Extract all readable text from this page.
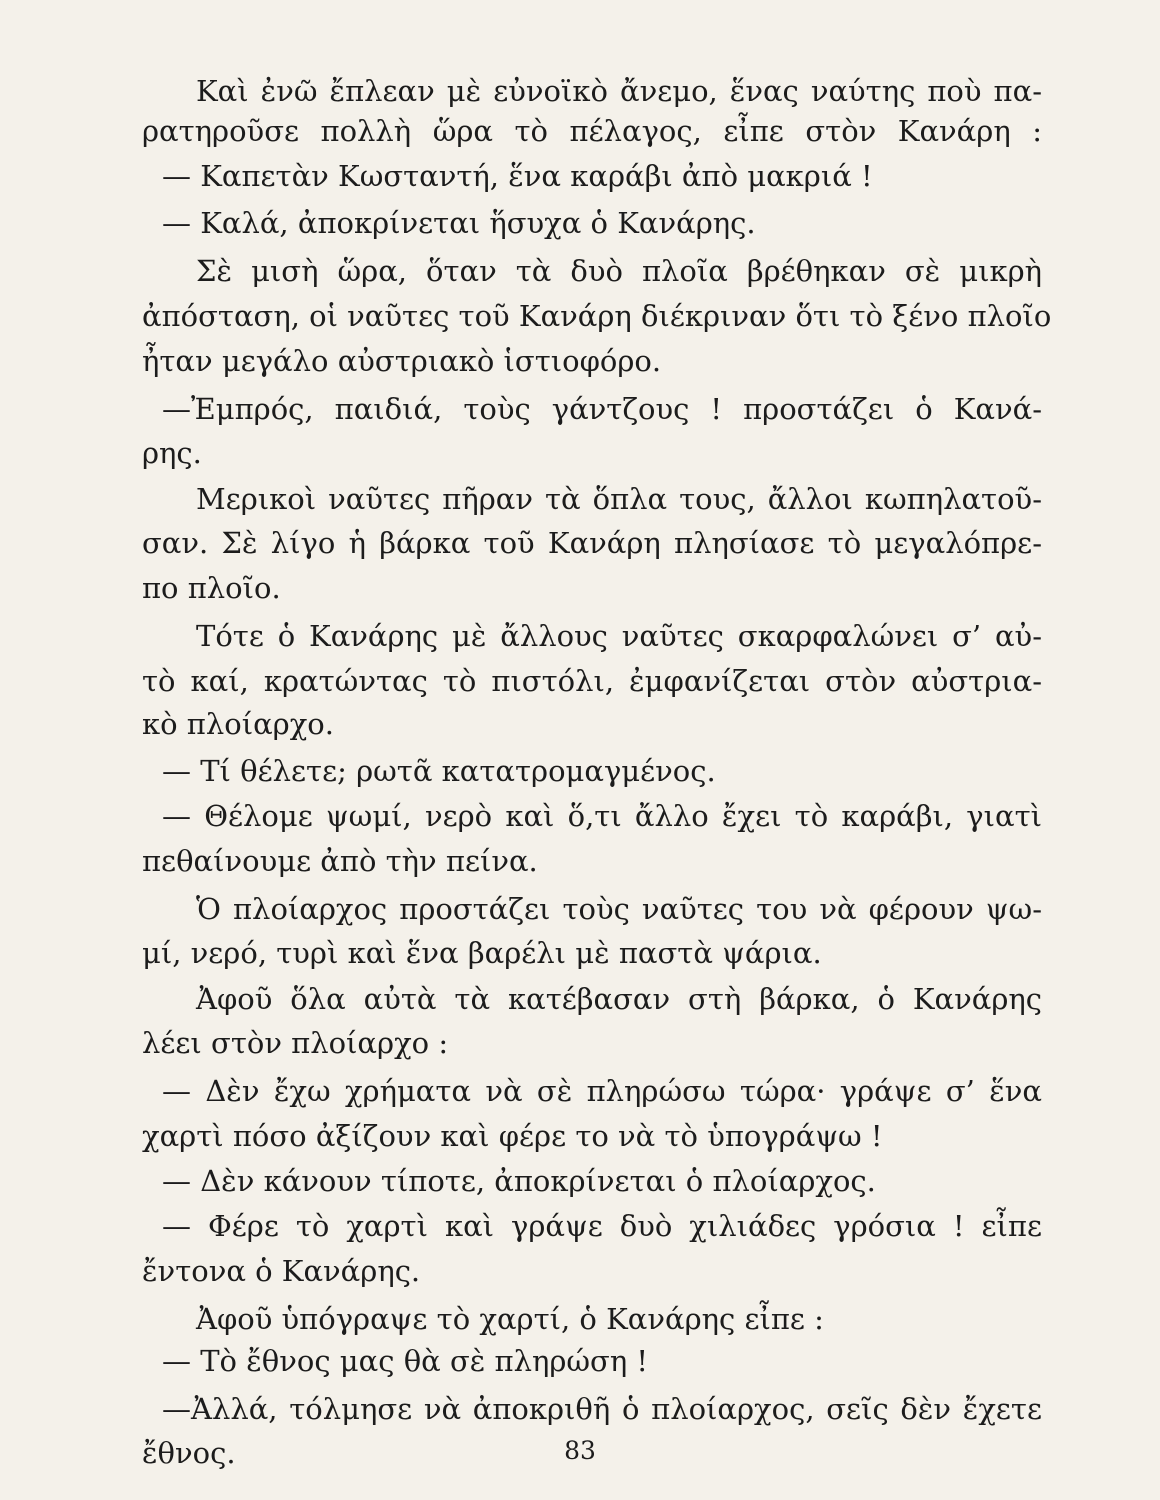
Καὶ ἐνῶ ἔπλεαν μὲ εὐνοϊκὸ ἄνεμο, ἕνας ναύτης ποὺ πα-
ρατηροῦσε πολλὴ ὥρα τὸ πέλαγος, εἶπε στὸν Κανάρη :
— Καπετὰν Κωσταντή, ἕνα καράβι ἀπὸ μακριά !
— Καλά, ἀποκρίνεται ἥσυχα ὁ Κανάρης.
Σὲ μισὴ ὥρα, ὅταν τὰ δυὸ πλοῖα βρέθηκαν σὲ μικρὴ
ἀπόσταση, οἱ ναῦτες τοῦ Κανάρη διέκριναν ὅτι τὸ ξένο πλοῖο
ἦταν μεγάλο αὐστριακὸ ἱστιοφόρο.
—Ἐμπρός, παιδιά, τοὺς γάντζους ! προστάζει ὁ Κανά-
ρης.
Μερικοὶ ναῦτες πῆραν τὰ ὅπλα τους, ἄλλοι κωπηλατοῦ-
σαν. Σὲ λίγο ἡ βάρκα τοῦ Κανάρη πλησίασε τὸ μεγαλόπρε-
πο πλοῖο.
Τότε ὁ Κανάρης μὲ ἄλλους ναῦτες σκαρφαλώνει σ’ αὐ-
τὸ καί, κρατώντας τὸ πιστόλι, ἐμφανίζεται στὸν αὐστρια-
κὸ πλοίαρχο.
— Τί θέλετε; ρωτᾶ κατατρομαγμένος.
— Θέλομε ψωμί, νερὸ καὶ ὅ,τι ἄλλο ἔχει τὸ καράβι, γιατὶ
πεθαίνουμε ἀπὸ τὴν πείνα.
Ὁ πλοίαρχος προστάζει τοὺς ναῦτες του νὰ φέρουν ψω-
μί, νερό, τυρὶ καὶ ἕνα βαρέλι μὲ παστὰ ψάρια.
Ἀφοῦ ὅλα αὐτὰ τὰ κατέβασαν στὴ βάρκα, ὁ Κανάρης
λέει στὸν πλοίαρχο :
— Δὲν ἔχω χρήματα νὰ σὲ πληρώσω τώρα· γράψε σ’ ἕνα
χαρτὶ πόσο ἀξίζουν καὶ φέρε το νὰ τὸ ὑπογράψω !
— Δὲν κάνουν τίποτε, ἀποκρίνεται ὁ πλοίαρχος.
— Φέρε τὸ χαρτὶ καὶ γράψε δυὸ χιλιάδες γρόσια ! εἶπε
ἔντονα ὁ Κανάρης.
Ἀφοῦ ὑπόγραψε τὸ χαρτί, ὁ Κανάρης εἶπε :
— Τὸ ἔθνος μας θὰ σὲ πληρώση !
—Ἀλλά, τόλμησε νὰ ἀποκριθῆ ὁ πλοίαρχος, σεῖς δὲν ἔχετε
ἔθνος.	83
